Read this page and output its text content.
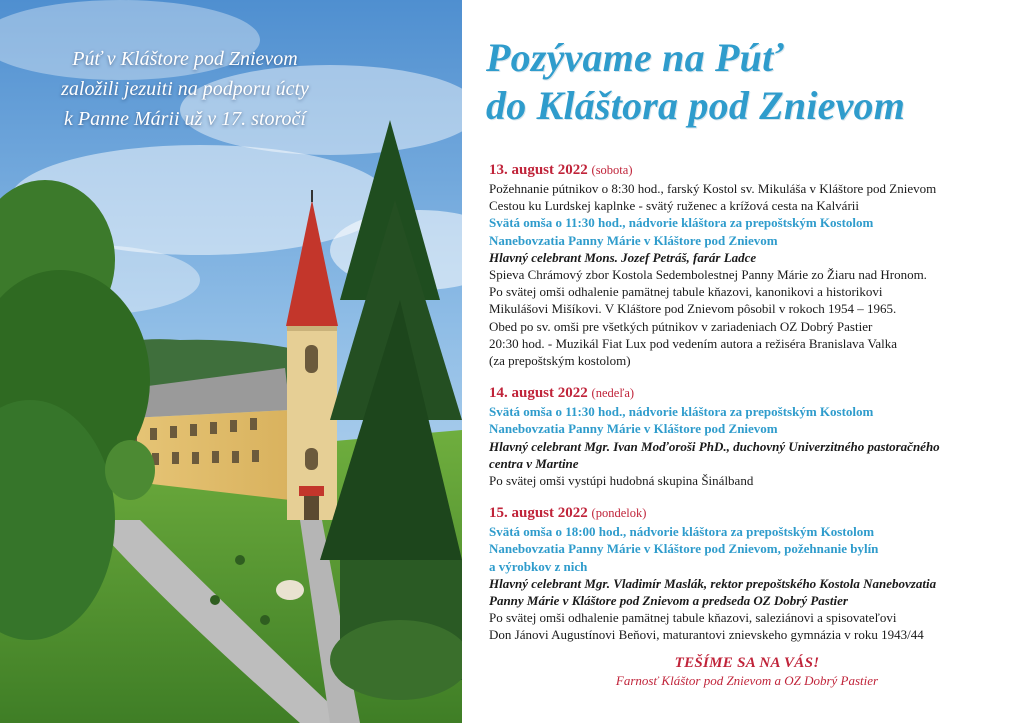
Púť v Kláštore pod Znievom
založili jezuiti na podporu úcty
k Panne Márii už v 17. storočí
Pozývame na Púť
do Kláštora pod Znievom

13. august 2022 (sobota)

Požehnanie pútnikov o 8:30 hod., farský Kostol sv. Mikuláša v Kláštore pod Znievom

Cestou ku Lurdskej kaplnke - svätý ruženec a krížová cesta na Kalvárii

Svätá omša o 11:30 hod., nádvorie kláštora za prepoštským Kostolom

Nanebovzatia Panny Márie v Kláštore pod Znievom

Hlavný celebrant Mons. Jozef Petráš, farár Ladce

Spieva Chrámový zbor Kostola Sedembolestnej Panny Márie zo Žiaru nad Hronom.

Po svätej omši odhalenie pamätnej tabule kňazovi, kanonikovi a historikovi

Mikulášovi Mišíkovi. V Kláštore pod Znievom pôsobil v rokoch 1954 – 1965.

Obed po sv. omši pre všetkých pútnikov v zariadeniach OZ Dobrý Pastier

20:30 hod. - Muzikál Fiat Lux pod vedením autora a režiséra Branislava Valka

(za prepoštským kostolom)

14. august 2022 (nedeľa)

Svätá omša o 11:30 hod., nádvorie kláštora za prepoštským Kostolom

Nanebovzatia Panny Márie v Kláštore pod Znievom

Hlavný celebrant Mgr. Ivan Moďoroši PhD., duchovný Univerzitného pastoračného

centra v Martine

Po svätej omši vystúpi hudobná skupina Šinálband

15. august 2022 (pondelok)

Svätá omša o 18:00 hod., nádvorie kláštora za prepoštským Kostolom

Nanebovzatia Panny Márie v Kláštore pod Znievom, požehnanie bylín

a výrobkov z nich

Hlavný celebrant Mgr. Vladimír Maslák, rektor prepoštského Kostola Nanebovzatia

Panny Márie v Kláštore pod Znievom a predseda OZ Dobrý Pastier

Po svätej omši odhalenie pamätnej tabule kňazovi, saleziánovi a spisovateľovi

Don Jánovi Augustínovi Beňovi, maturantovi znievskeho gymnázia v roku 1943/44

TEŠÍME SA NA VÁS!
Farnosť Kláštor pod Znievom a OZ Dobrý Pastier
